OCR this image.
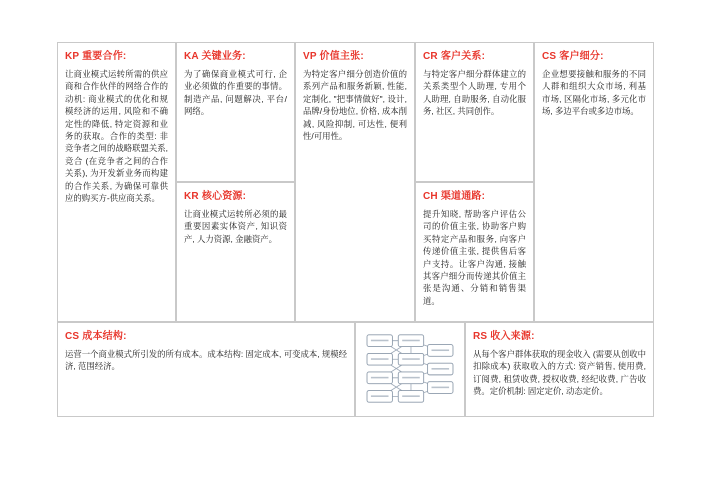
KP 重要合作:
让商业模式运转所需的供应商和合作伙伴的网络合作的动机: 商业模式的优化和规模经济的运用, 风险和不确定性的降低, 特定资源和业务的获取。合作的类型: 非竞争者之间的战略联盟关系, 竞合 (在竞争者之间的合作关系), 为开发新业务而构建的合作关系, 为确保可靠供应的购买方-供应商关系。
KA 关键业务:
为了确保商业模式可行, 企业必须做的作重要的事情。制造产品, 问题解决, 平台/网络。
KR 核心资源:
让商业模式运转所必须的最重要因素实体资产, 知识资产, 人力资源, 金融资产。
VP 价值主张:
为特定客户细分创造价值的系列产品和服务新颖, 性能, 定制化, "把事情做好", 设计, 品牌/身份地位, 价格, 成本削减, 风险抑制, 可达性, 便利性/可用性。
CR 客户关系:
与特定客户细分群体建立的关系类型个人助理, 专用个人助理, 自助服务, 自动化服务, 社区, 共同创作。
CH 渠道通路:
提升知晓, 帮助客户评估公司的价值主张, 协助客户购买特定产品和服务, 向客户传递价值主张, 提供售后客户支持。让客户沟通, 接触其客户细分而传递其价值主张是沟通、分销和销售渠道。
CS 客户细分:
企业想要接触和服务的不同人群和组织大众市场, 利基市场, 区隔化市场, 多元化市场, 多边平台或多边市场。
CS 成本结构:
运营一个商业模式所引发的所有成本。成本结构: 固定成本, 可变成本, 规模经济, 范围经济。
RS 收入来源:
从每个客户群体获取的现金收入 (需要从创收中扣除成本) 获取收入的方式: 资产销售, 使用费, 订阅费, 租赁收费, 授权收费, 经纪收费, 广告收费。定价机制: 固定定价, 动态定价。
